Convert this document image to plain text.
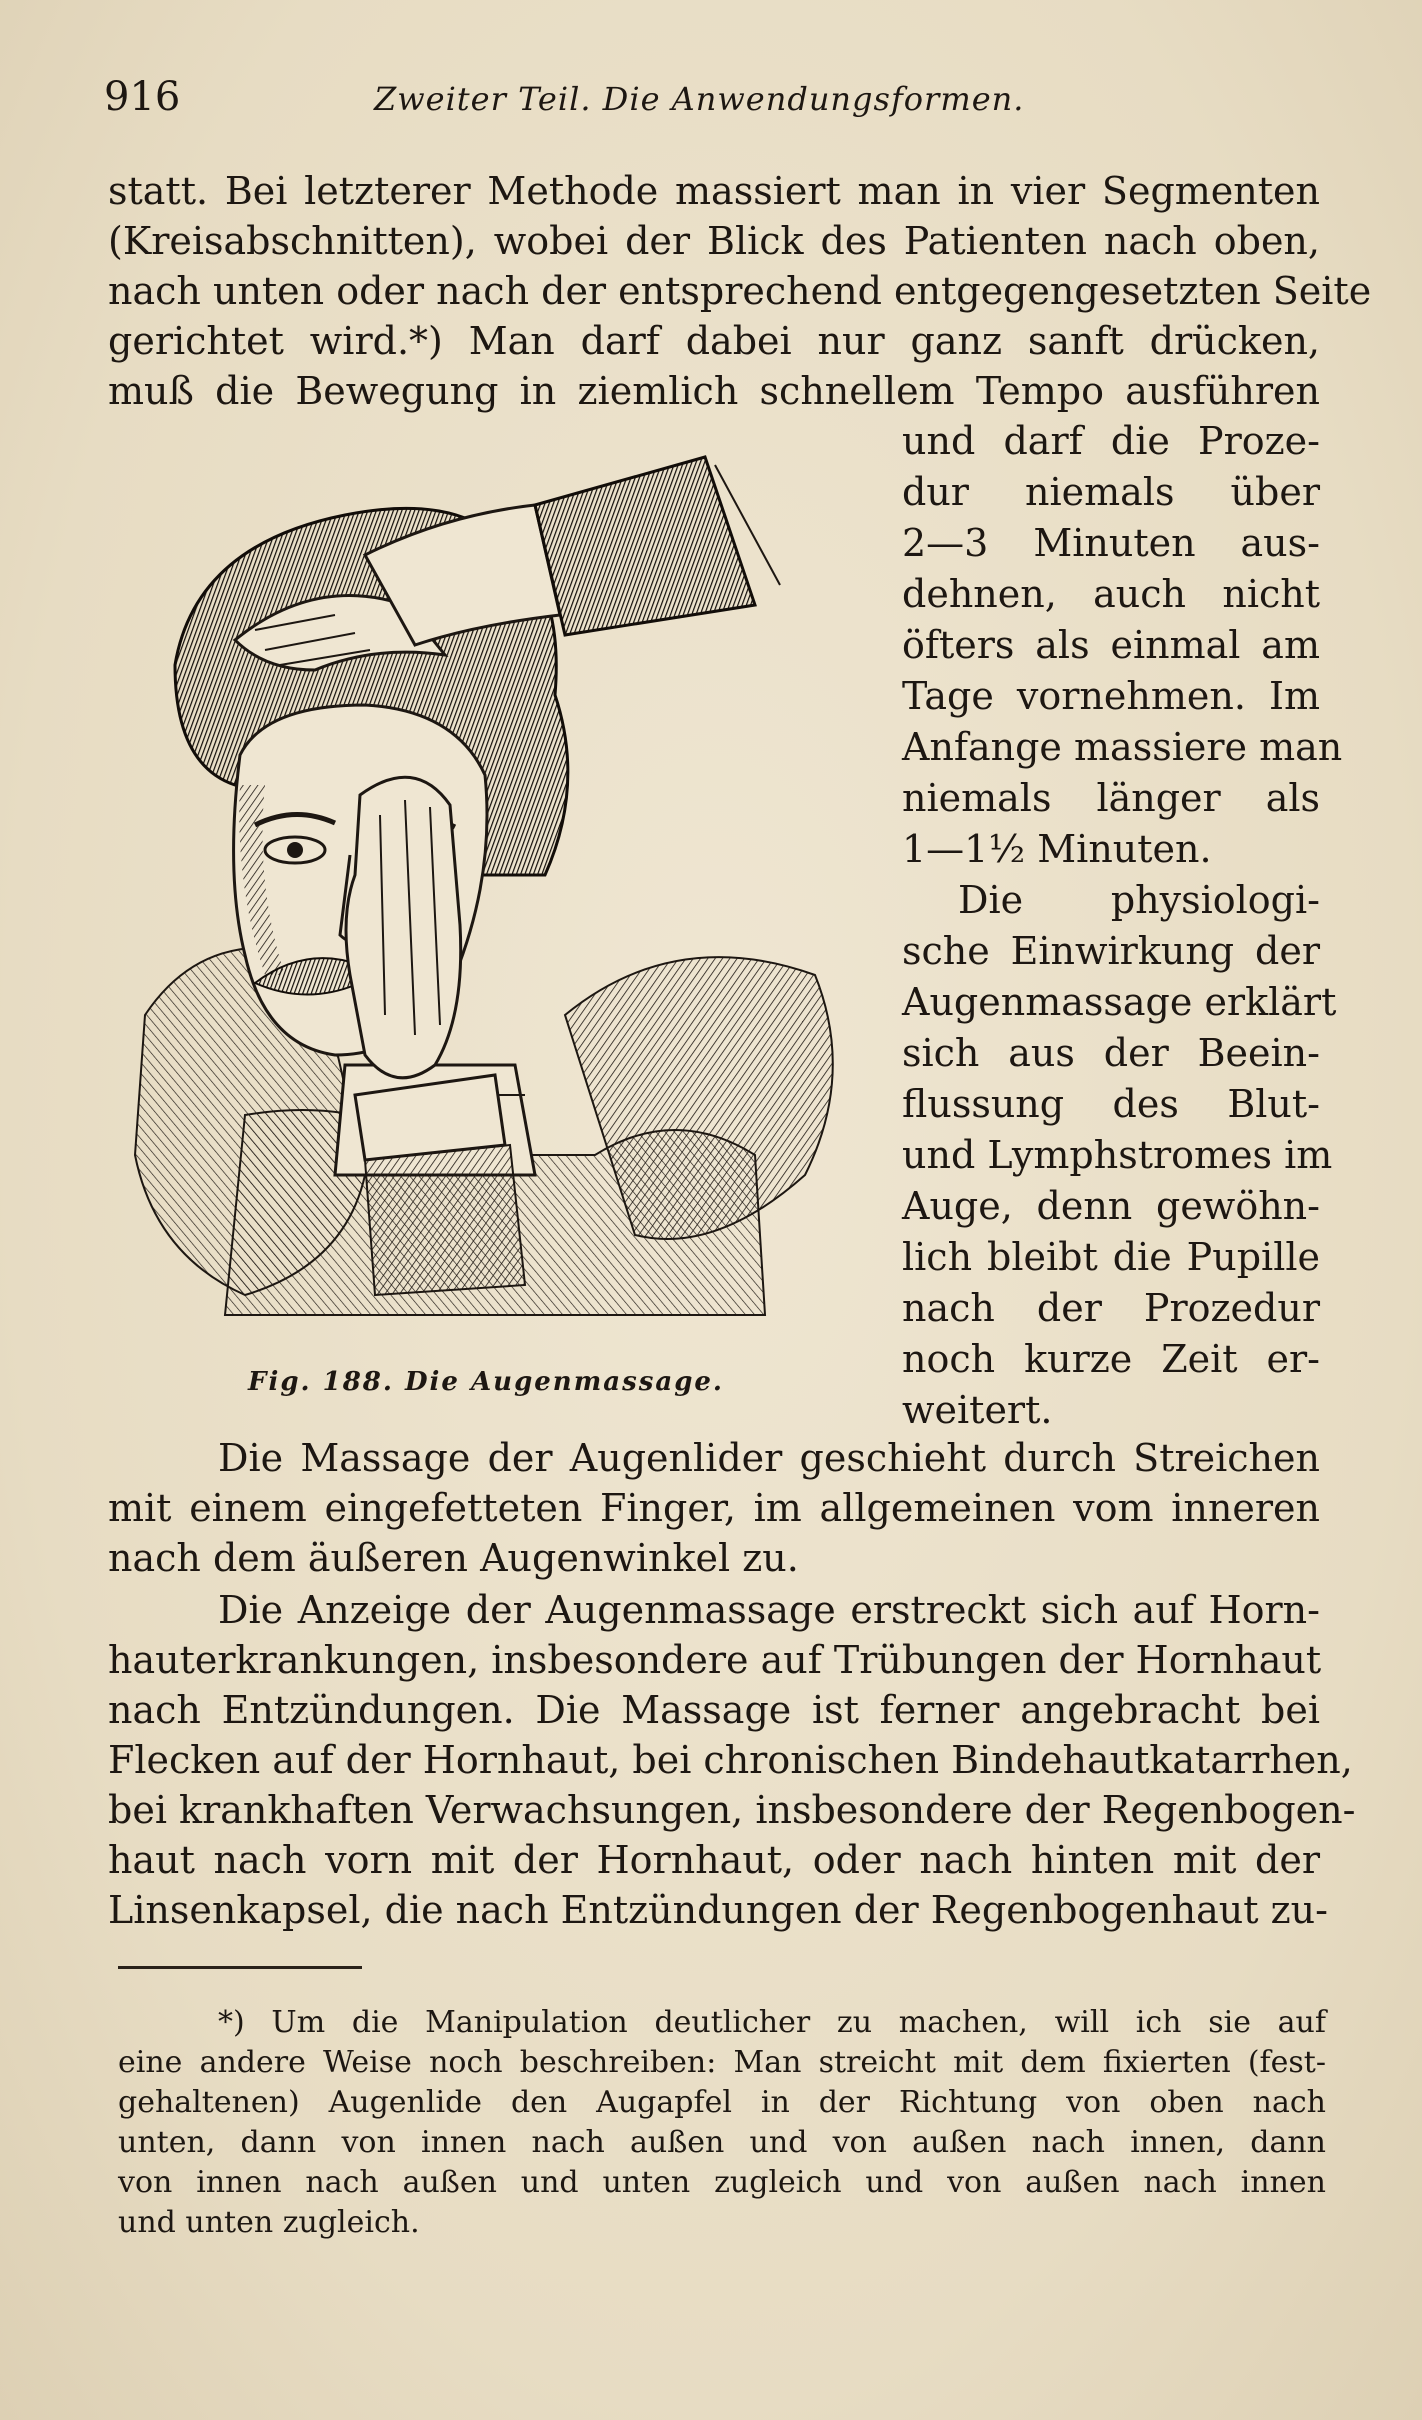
916	Zweiter Teil. Die Anwendungsformen.
statt. Bei letzterer Methode massiert man in vier Segmenten
(Kreisabschnitten), wobei der Blick des Patienten nach oben,
nach unten oder nach der entsprechend entgegengesetzten Seite
gerichtet wird.*) Man darf dabei nur ganz sanft drücken,
muß die Bewegung in ziemlich schnellem Tempo ausführen
und darf die Proze-
dur niemals über
2—3 Minuten aus-
dehnen, auch nicht
öfters als einmal am
Tage vornehmen. Im
Anfange massiere man
niemals länger als
1—1½ Minuten.
Die physiologi-
sche Einwirkung der
Augenmassage erklärt
sich aus der Beein-
flussung des Blut-
und Lymphstromes im
Auge, denn gewöhn-
lich bleibt die Pupille
nach der Prozedur
noch kurze Zeit er-
weitert.
Fig. 188. Die Augenmassage.
Die Massage der Augenlider geschieht durch Streichen
mit einem eingefetteten Finger, im allgemeinen vom inneren
nach dem äußeren Augenwinkel zu.
Die Anzeige der Augenmassage erstreckt sich auf Horn-
hauterkrankungen, insbesondere auf Trübungen der Hornhaut
nach Entzündungen. Die Massage ist ferner angebracht bei
Flecken auf der Hornhaut, bei chronischen Bindehautkatarrhen,
bei krankhaften Verwachsungen, insbesondere der Regenbogen-
haut nach vorn mit der Hornhaut, oder nach hinten mit der
Linsenkapsel, die nach Entzündungen der Regenbogenhaut zu-
*) Um die Manipulation deutlicher zu machen, will ich sie auf
eine andere Weise noch beschreiben: Man streicht mit dem fixierten (fest-
gehaltenen) Augenlide den Augapfel in der Richtung von oben nach
unten, dann von innen nach außen und von außen nach innen, dann
von innen nach außen und unten zugleich und von außen nach innen
und unten zugleich.
